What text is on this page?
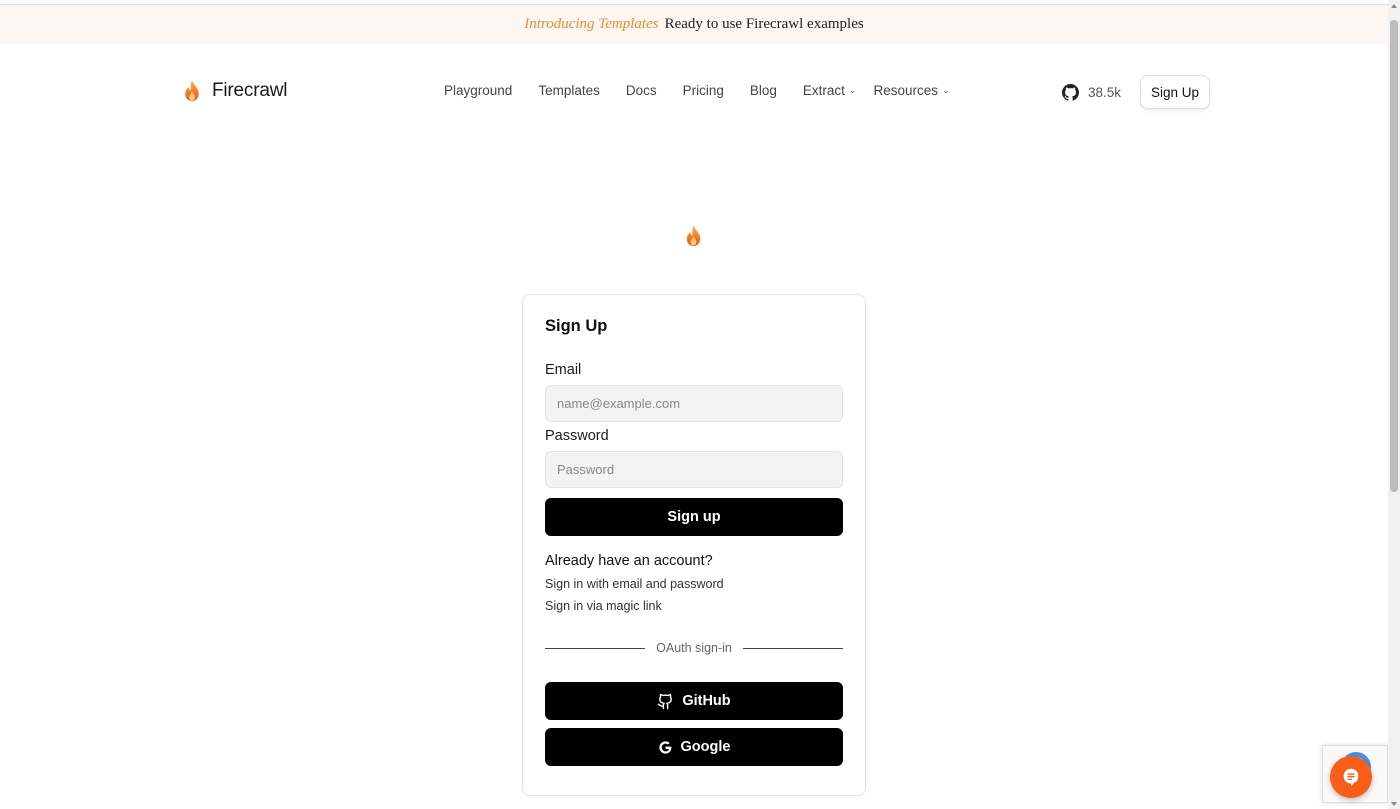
Introducing Templates Ready to use Firecrawl examples
Firecrawl	Playground Templates Docs Pricing Blog Extract ⌄ Resources ⌄	38.5k	Sign Up
Sign Up
Email
name@example.com
Password
Password
Sign up
Already have an account?
Sign in with email and password
Sign in via magic link
OAuth sign-in
GitHub
Google
